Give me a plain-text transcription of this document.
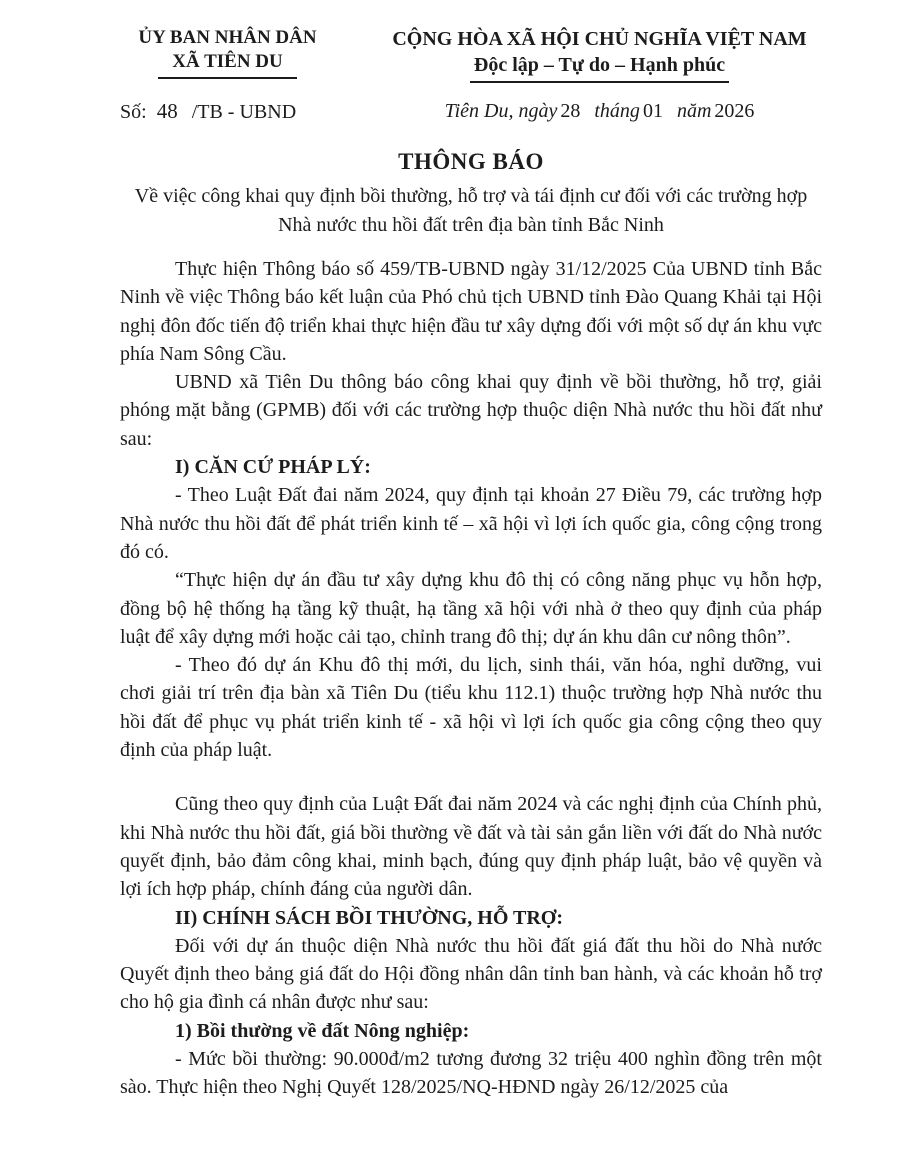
ỦY BAN NHÂN DÂN
XÃ TIÊN DU
Số: 48 /TB - UBND
CỘNG HÒA XÃ HỘI CHỦ NGHĨA VIỆT NAM
Độc lập – Tự do – Hạnh phúc
Tiên Du, ngày 28 tháng 01 năm 2026
THÔNG BÁO
Về việc công khai quy định bồi thường, hỗ trợ và tái định cư đối với các trường hợp
Nhà nước thu hồi đất trên địa bàn tỉnh Bắc Ninh

Thực hiện Thông báo số 459/TB-UBND ngày 31/12/2025 Của UBND tỉnh Bắc Ninh về việc Thông báo kết luận của Phó chủ tịch UBND tỉnh Đào Quang Khải tại Hội nghị đôn đốc tiến độ triển khai thực hiện đầu tư xây dựng đối với một số dự án khu vực phía Nam Sông Cầu.

UBND xã Tiên Du thông báo công khai quy định về bồi thường, hỗ trợ, giải phóng mặt bằng (GPMB) đối với các trường hợp thuộc diện Nhà nước thu hồi đất như sau:

I) CĂN CỨ PHÁP LÝ:

- Theo Luật Đất đai năm 2024, quy định tại khoản 27 Điều 79, các trường hợp Nhà nước thu hồi đất để phát triển kinh tế – xã hội vì lợi ích quốc gia, công cộng trong đó có.

“Thực hiện dự án đầu tư xây dựng khu đô thị có công năng phục vụ hỗn hợp, đồng bộ hệ thống hạ tầng kỹ thuật, hạ tầng xã hội với nhà ở theo quy định của pháp luật để xây dựng mới hoặc cải tạo, chỉnh trang đô thị; dự án khu dân cư nông thôn”.

- Theo đó dự án Khu đô thị mới, du lịch, sinh thái, văn hóa, nghỉ dưỡng, vui chơi giải trí trên địa bàn xã Tiên Du (tiểu khu 112.1) thuộc trường hợp Nhà nước thu hồi đất để phục vụ phát triển kinh tế - xã hội vì lợi ích quốc gia công cộng theo quy định của pháp luật.

Cũng theo quy định của Luật Đất đai năm 2024 và các nghị định của Chính phủ, khi Nhà nước thu hồi đất, giá bồi thường về đất và tài sản gắn liền với đất do Nhà nước quyết định, bảo đảm công khai, minh bạch, đúng quy định pháp luật, bảo vệ quyền và lợi ích hợp pháp, chính đáng của người dân.

II) CHÍNH SÁCH BỒI THƯỜNG, HỖ TRỢ:

Đối với dự án thuộc diện Nhà nước thu hồi đất giá đất thu hồi do Nhà nước Quyết định theo bảng giá đất do Hội đồng nhân dân tỉnh ban hành, và các khoản hỗ trợ cho hộ gia đình cá nhân được như sau:

1) Bồi thường về đất Nông nghiệp:

- Mức bồi thường: 90.000đ/m2 tương đương 32 triệu 400 nghìn đồng trên một sào. Thực hiện theo Nghị Quyết 128/2025/NQ-HĐND ngày 26/12/2025 của
